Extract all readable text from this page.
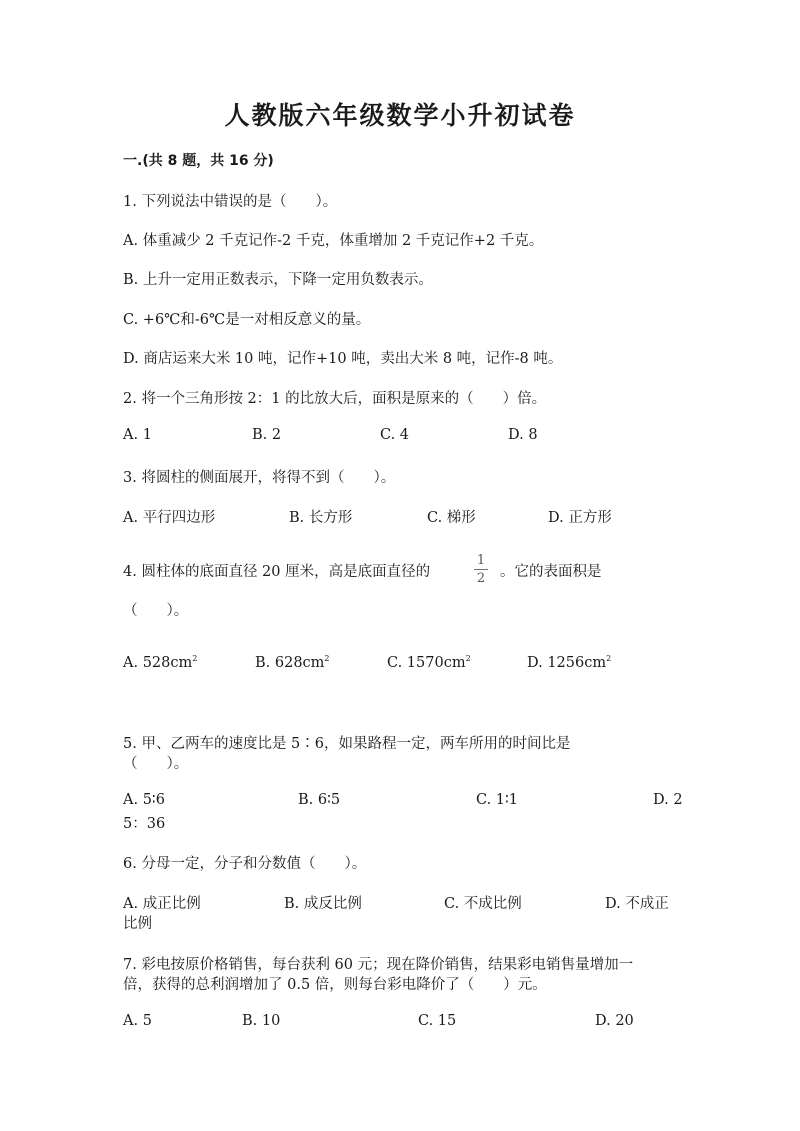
人教版六年级数学小升初试卷
一.(共 8 题，共 16 分)
1. 下列说法中错误的是（　　）。
A. 体重减少 2 千克记作-2 千克，体重增加 2 千克记作+2 千克。
B. 上升一定用正数表示，下降一定用负数表示。
C. +6℃和-6℃是一对相反意义的量。
D. 商店运来大米 10 吨，记作+10 吨，卖出大米 8 吨，记作-8 吨。
2. 将一个三角形按 2：1 的比放大后，面积是原来的（　　）倍。
A. 1	B. 2	C. 4	D. 8
3. 将圆柱的侧面展开，将得不到（　　）。
A. 平行四边形	B. 长方形	C. 梯形	D. 正方形
4. 圆柱体的底面直径 20 厘米，高是底面直径的
1
2 。它的表面积是
（　　）。
A. $528cm^2$	B. $628cm^2$	C. $1570cm^2$	D. $1256cm^2$
5. 甲、乙两车的速度比是 5∶6，如果路程一定，两车所用的时间比是
（　　）。
A. 5∶6	B. 6∶5	C. 1∶1	D. 2
5：36
6. 分母一定，分子和分数值（　　）。
A. 成正比例	B. 成反比例	C. 不成比例	D. 不成正
比例
7. 彩电按原价格销售，每台获利 60 元；现在降价销售，结果彩电销售量增加一
倍，获得的总利润增加了 0.5 倍，则每台彩电降价了（　　）元。
A. 5	B. 10	C. 15	D. 20
